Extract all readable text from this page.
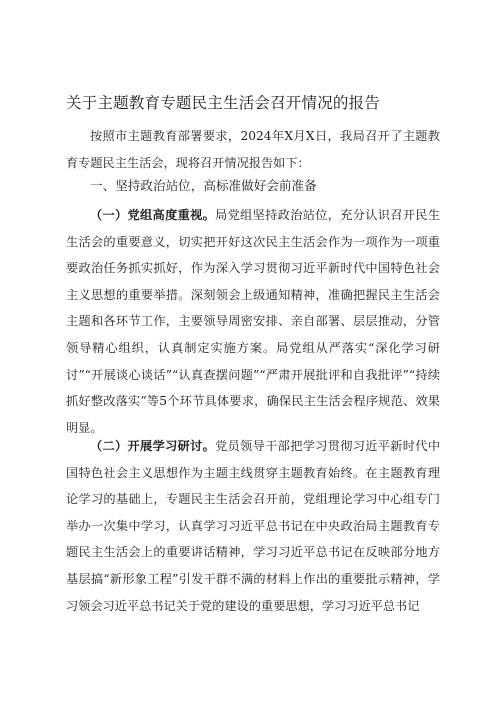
关于主题教育专题民主生活会召开情况的报告

按照市主题教育部署要求，2024年X月X日，我局召开了主题教育专题民主生活会，现将召开情况报告如下：

一、坚持政治站位，高标准做好会前准备

（一）党组高度重视。局党组坚持政治站位，充分认识召开民生生活会的重要意义，切实把开好这次民主生活会作为一项作为一项重要政治任务抓实抓好，作为深入学习贯彻习近平新时代中国特色社会主义思想的重要举措。深刻领会上级通知精神，准确把握民主生活会主题和各环节工作，主要领导周密安排、亲自部署、层层推动，分管领导精心组织，认真制定实施方案。局党组从严落实“深化学习研讨”“开展谈心谈话”“认真查摆问题”“严肃开展批评和自我批评”“持续抓好整改落实”等5个环节具体要求，确保民主生活会程序规范、效果明显。

（二）开展学习研讨。党员领导干部把学习贯彻习近平新时代中国特色社会主义思想作为主题主线贯穿主题教育始终。在主题教育理论学习的基础上，专题民主生活会召开前，党组理论学习中心组专门举办一次集中学习，认真学习习近平总书记在中央政治局主题教育专题民主生活会上的重要讲话精神，学习习近平总书记在反映部分地方基层搞“新形象工程”引发干群不满的材料上作出的重要批示精神，学习领会习近平总书记关于党的建设的重要思想，学习习近平总书记
